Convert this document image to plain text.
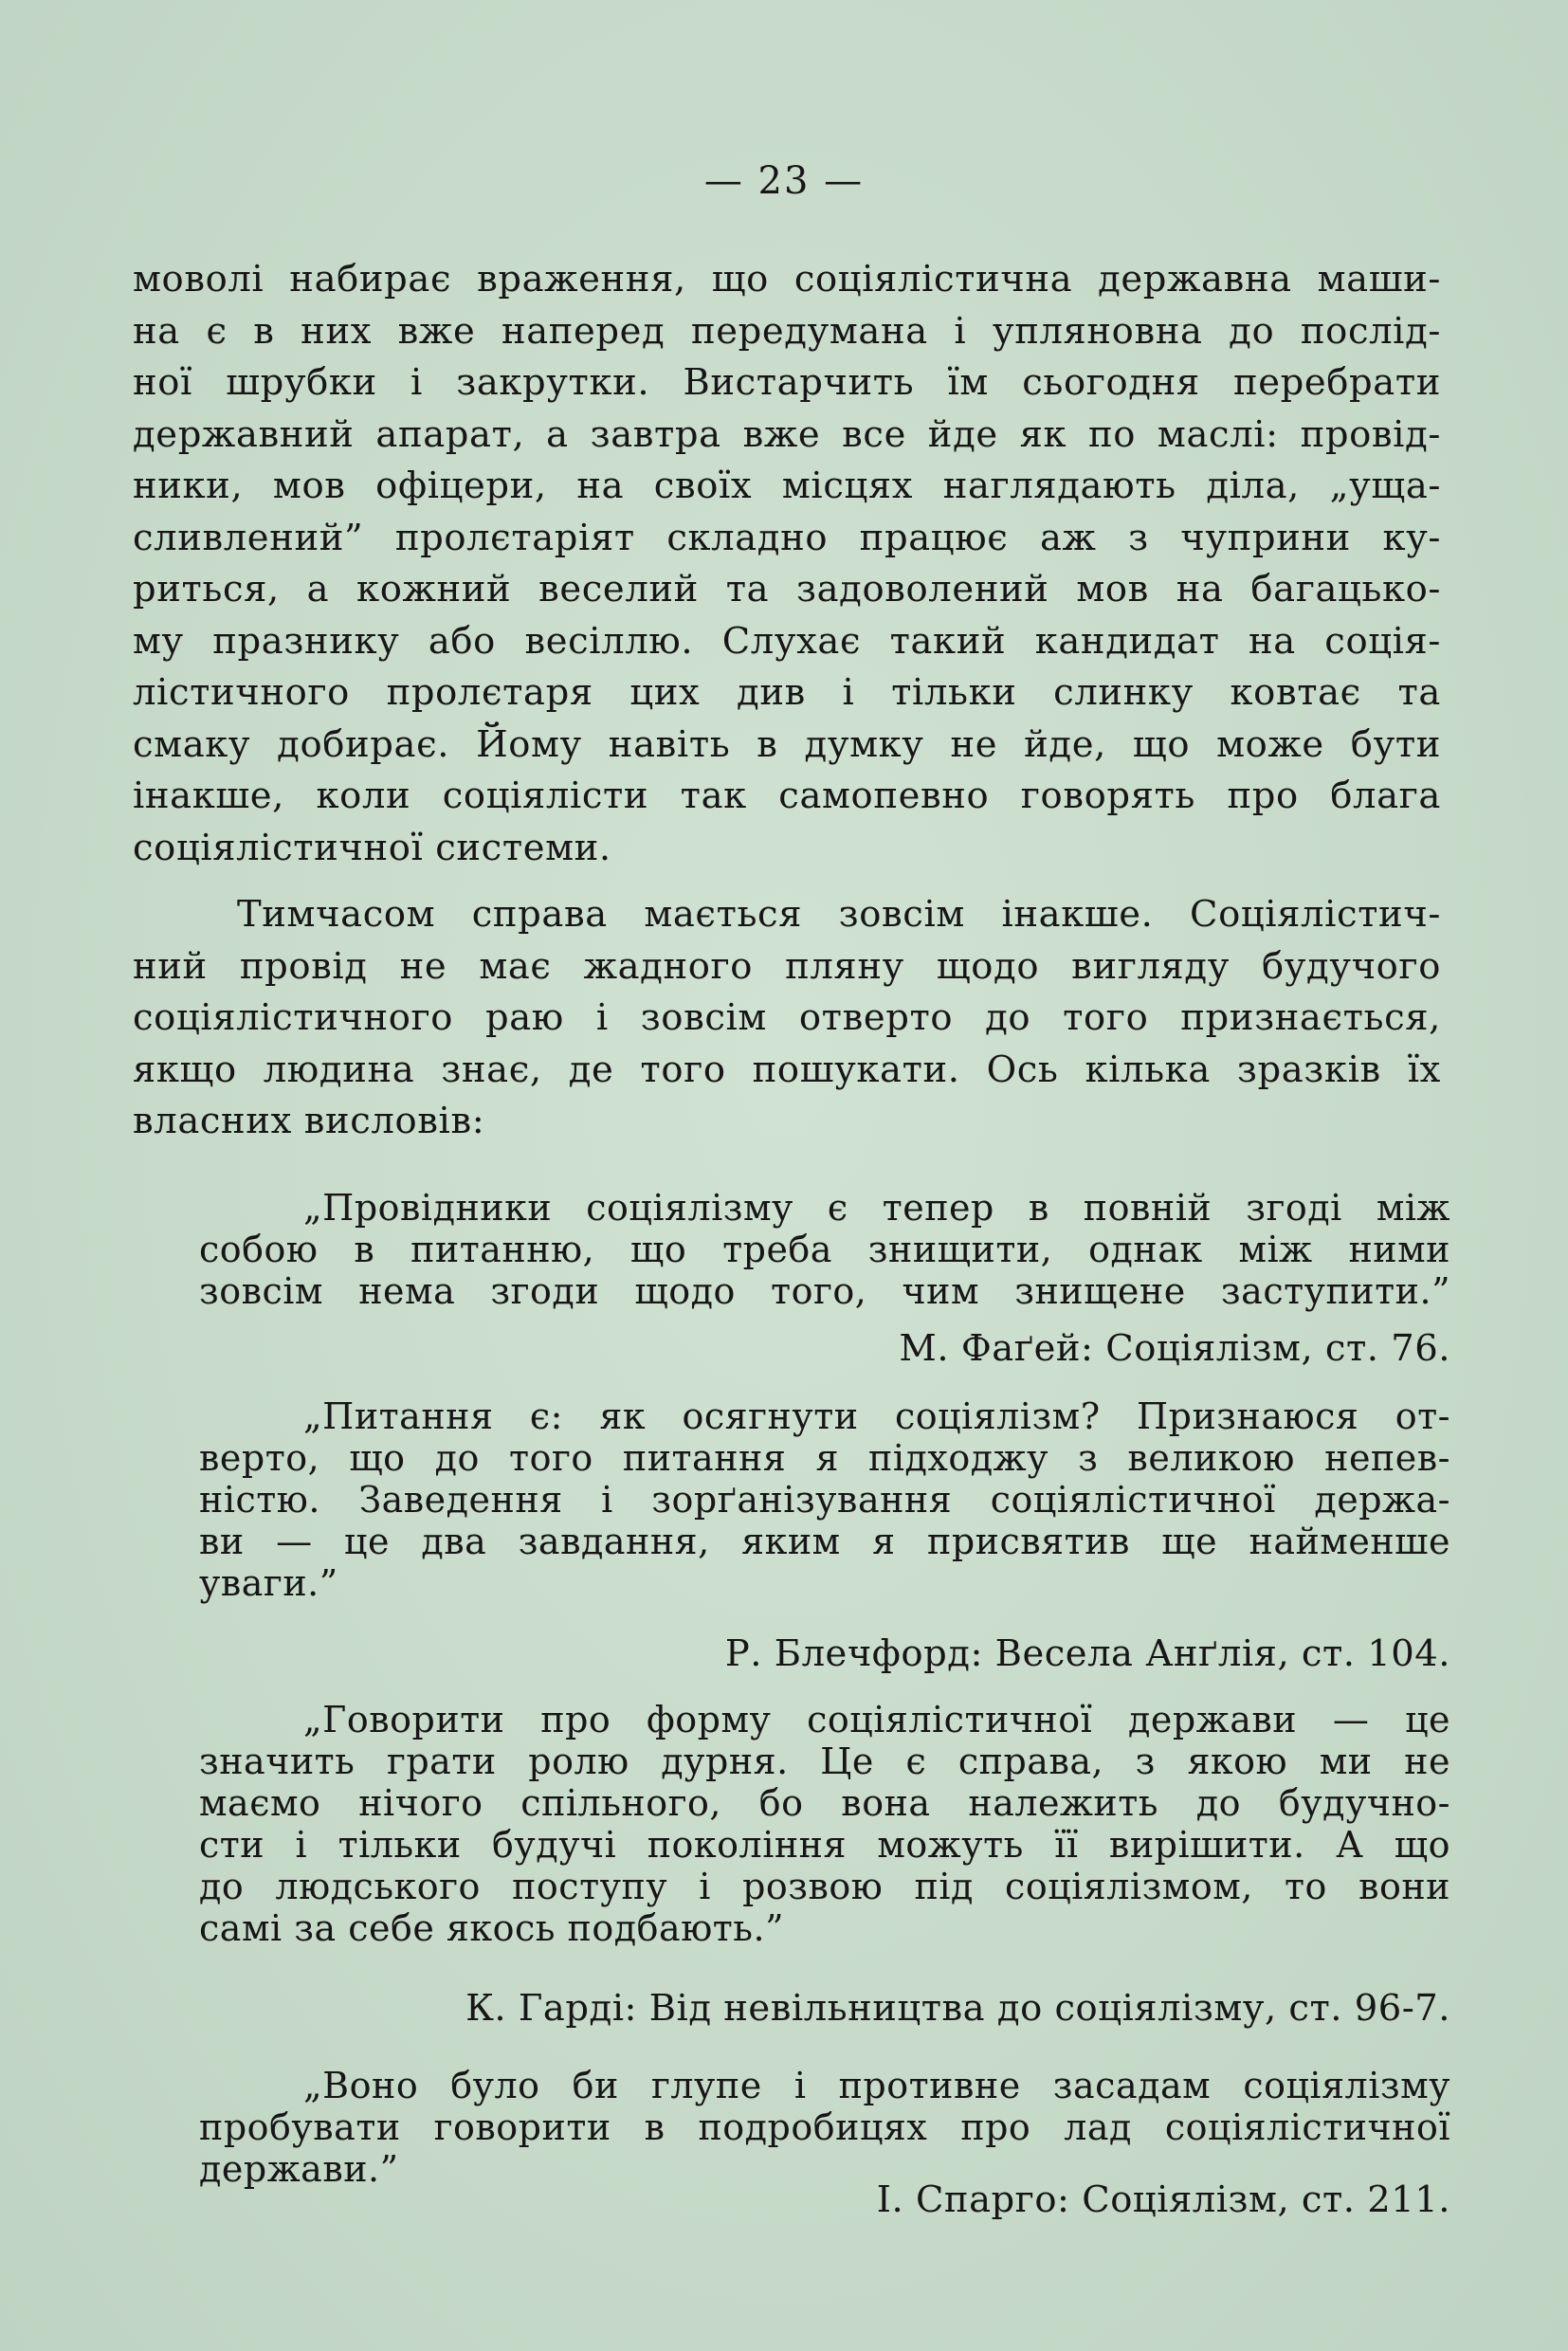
— 23 —
моволі набирає враження, що соціялістична державна маши-
на є в них вже наперед передумана і упляновна до послід-
ної шрубки і закрутки. Вистарчить їм сьогодня перебрати
державний апарат, а завтра вже все йде як по маслі: провід-
ники, мов офіцери, на своїх місцях наглядають діла, „уща-
сливлений” пролєтаріят складно працює аж з чуприни ку-
риться, а кожний веселий та задоволений мов на багацько-
му празнику або весіллю. Слухає такий кандидат на соція-
лістичного пролєтаря цих див і тільки слинку ковтає та
смаку добирає. Йому навіть в думку не йде, що може бути
інакше, коли соціялісти так самопевно говорять про блага
соціялістичної системи.
Тимчасом справа мається зовсім інакше. Соціялістич-
ний провід не має жадного пляну щодо вигляду будучого
соціялістичного раю і зовсім отверто до того признається,
якщо людина знає, де того пошукати. Ось кілька зразків їх
власних висловів:
„Провідники соціялізму є тепер в повній згоді між
собою в питанню, що треба знищити, однак між ними
зовсім нема згоди щодо того, чим знищене заступити.”
М. Фаґей: Соціялізм, ст. 76.
„Питання є: як осягнути соціялізм? Признаюся от-
верто, що до того питання я підходжу з великою непев-
ністю. Заведення і зорґанізування соціялістичної держа-
ви — це два завдання, яким я присвятив ще найменше
уваги.”
Р. Блечфорд: Весела Анґлія, ст. 104.
„Говорити про форму соціялістичної держави — це
значить грати ролю дурня. Це є справа, з якою ми не
маємо нічого спільного, бо вона належить до будучно-
сти і тільки будучі покоління можуть її вирішити. А що
до людського поступу і розвою під соціялізмом, то вони
самі за себе якось подбають.”
К. Гарді: Від невільництва до соціялізму, ст. 96-7.
„Воно було би глупе і противне засадам соціялізму
пробувати говорити в подробицях про лад соціялістичної
держави.”
І. Спарго: Соціялізм, ст. 211.
